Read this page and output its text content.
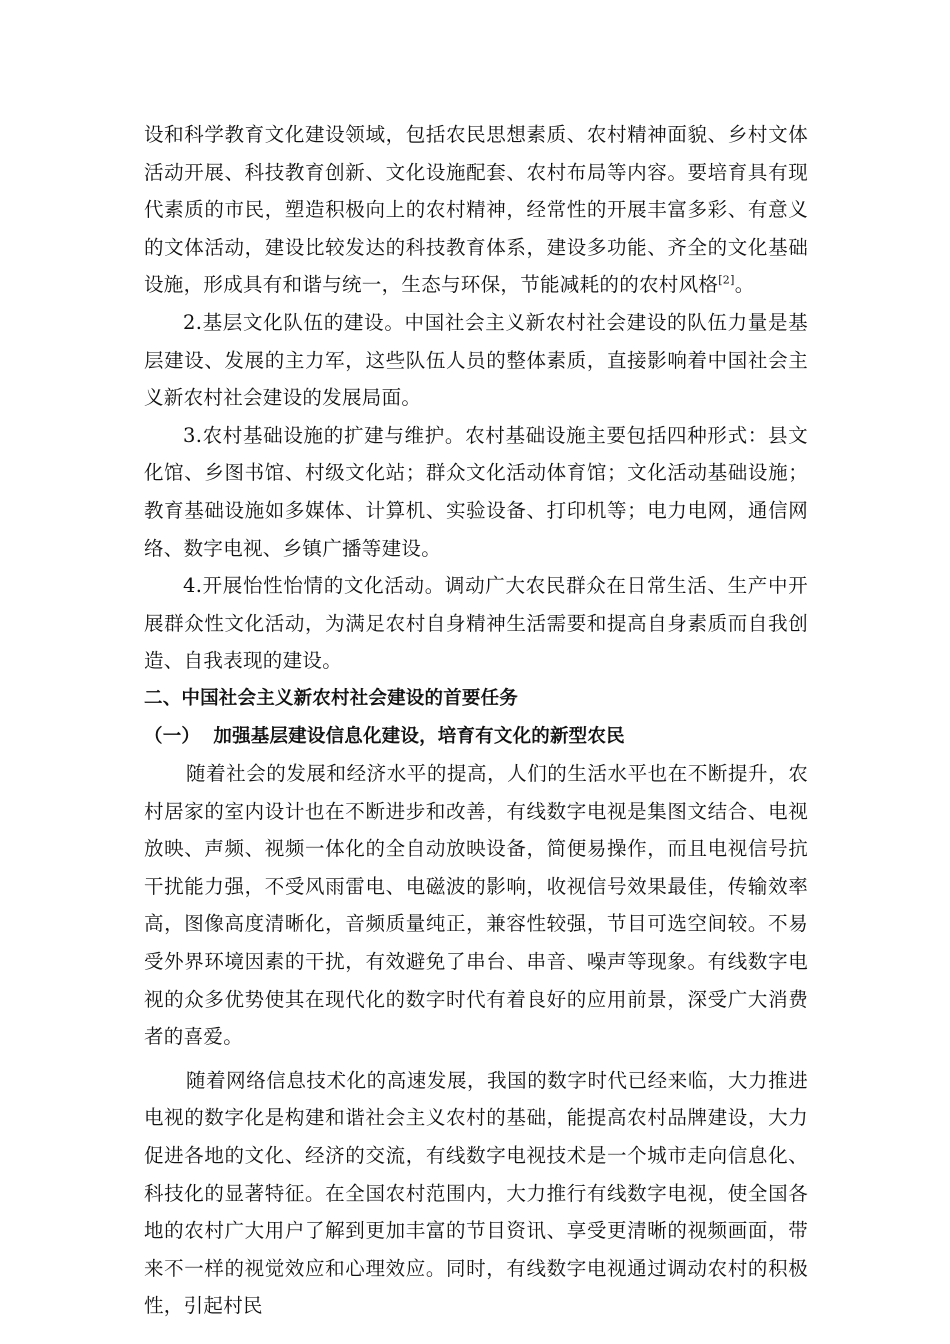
设和科学教育文化建设领域，包括农民思想素质、农村精神面貌、乡村文体活动开展、科技教育创新、文化设施配套、农村布局等内容。要培育具有现代素质的市民，塑造积极向上的农村精神，经常性的开展丰富多彩、有意义的文体活动，建设比较发达的科技教育体系，建设多功能、齐全的文化基础设施，形成具有和谐与统一，生态与环保，节能减耗的的农村风格[2]。

2.基层文化队伍的建设。中国社会主义新农村社会建设的队伍力量是基层建设、发展的主力军，这些队伍人员的整体素质，直接影响着中国社会主义新农村社会建设的发展局面。

3.农村基础设施的扩建与维护。农村基础设施主要包括四种形式：县文化馆、乡图书馆、村级文化站；群众文化活动体育馆；文化活动基础设施；教育基础设施如多媒体、计算机、实验设备、打印机等；电力电网，通信网络、数字电视、乡镇广播等建设。

4.开展怡性怡情的文化活动。调动广大农民群众在日常生活、生产中开展群众性文化活动，为满足农村自身精神生活需要和提高自身素质而自我创造、自我表现的建设。

二、中国社会主义新农村社会建设的首要任务

（一）  加强基层建设信息化建设，培育有文化的新型农民

随着社会的发展和经济水平的提高，人们的生活水平也在不断提升，农村居家的室内设计也在不断进步和改善，有线数字电视是集图文结合、电视放映、声频、视频一体化的全自动放映设备，简便易操作，而且电视信号抗干扰能力强，不受风雨雷电、电磁波的影响，收视信号效果最佳，传输效率高，图像高度清晰化，音频质量纯正，兼容性较强，节目可选空间较。不易受外界环境因素的干扰，有效避免了串台、串音、噪声等现象。有线数字电视的众多优势使其在现代化的数字时代有着良好的应用前景，深受广大消费者的喜爱。

随着网络信息技术化的高速发展，我国的数字时代已经来临，大力推进电视的数字化是构建和谐社会主义农村的基础，能提高农村品牌建设，大力促进各地的文化、经济的交流，有线数字电视技术是一个城市走向信息化、科技化的显著特征。在全国农村范围内，大力推行有线数字电视，使全国各地的农村广大用户了解到更加丰富的节目资讯、享受更清晰的视频画面，带来不一样的视觉效应和心理效应。同时，有线数字电视通过调动农村的积极性，引起村民
